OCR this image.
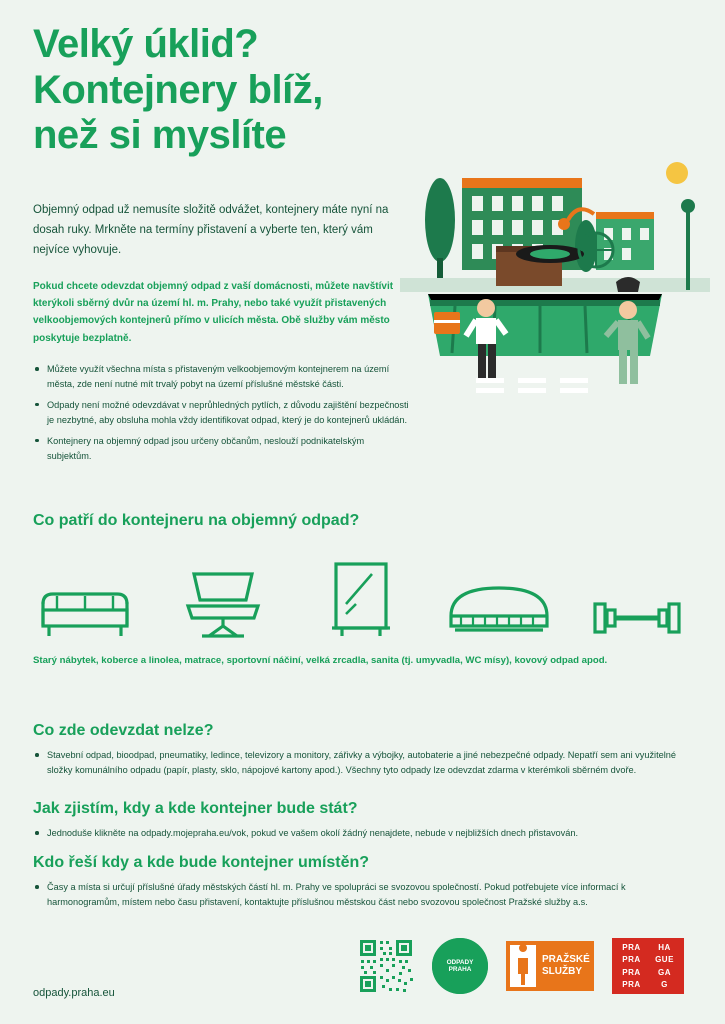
Velký úklid?
Kontejnery blíž,
než si myslíte
Objemný odpad už nemusíte složitě odvážet, kontejnery máte nyní na dosah ruky. Mrkněte na termíny přistavení a vyberte ten, který vám nejvíce vyhovuje.
Pokud chcete odevzdat objemný odpad z vaší domácnosti, můžete navštívit kterýkoli sběrný dvůr na území hl. m. Prahy, nebo také využít přistavených velkoobjemových kontejnerů přímo v ulicích města. Obě služby vám město poskytuje bezplatně.
Můžete využít všechna místa s přistaveným velkoobjemovým kontejnerem na území města, zde není nutné mít trvalý pobyt na území příslušné městské části.
Odpady není možné odevzdávat v neprůhledných pytlích, z důvodu zajištění bezpečnosti je nezbytné, aby obsluha mohla vždy identifikovat odpad, který je do kontejnerů ukládán.
Kontejnery na objemný odpad jsou určeny občanům, neslouží podnikatelským subjektům.
Co patří do kontejneru na objemný odpad?
Starý nábytek, koberce a linolea, matrace, sportovní náčiní, velká zrcadla, sanita (tj. umyvadla, WC mísy), kovový odpad apod.
Co zde odevzdat nelze?
Stavební odpad, bioodpad, pneumatiky, ledince, televizory a monitory, zářivky a výbojky, autobaterie a jiné nebezpečné odpady. Nepatří sem ani využitelné složky komunálního odpadu (papír, plasty, sklo, nápojové kartony apod.). Všechny tyto odpady lze odevzdat zdarma v kterémkoli sběrném dvoře.
Jak zjistím, kdy a kde kontejner bude stát?
Jednoduše klikněte na odpady.mojepraha.eu/vok, pokud ve vašem okolí žádný nenajdete, nebude v nejbližších dnech přistavován.
Kdo řeší kdy a kde bude kontejner umístěn?
Časy a místa si určují příslušné úřady městských částí hl. m. Prahy ve spolupráci se svozovou společností. Pokud potřebujete více informací k harmonogramům, místem nebo času přistavení, kontaktujte příslušnou městskou část nebo svozovou společnost Pražské služby a.s.
odpady.praha.eu
ODPADY
PRAHA
PRAŽSKÉ
SLUŽBY
PRA HA
PRA GUE
PRA GA
PRA	G
